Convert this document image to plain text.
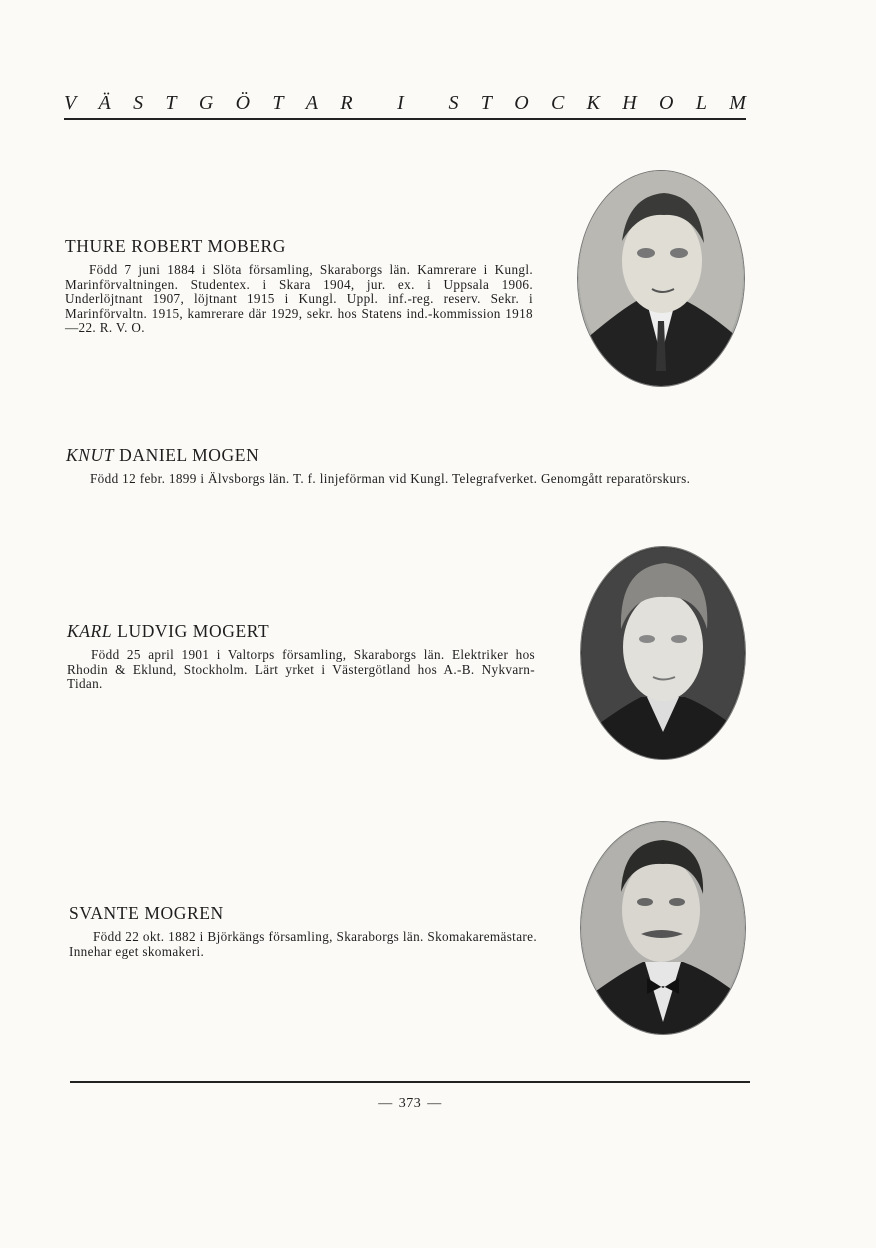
V Ä S T G Ö T A R I S T O C K H O L M

THURE ROBERT MOBERG

Född 7 juni 1884 i Slöta församling, Skaraborgs län. Kamrerare i Kungl. Marinförvaltningen. Studentex. i Skara 1904, jur. ex. i Uppsala 1906. Underlöjtnant 1907, löjtnant 1915 i Kungl. Uppl. inf.-reg. reserv. Sekr. i Marinförvaltn. 1915, kamrerare där 1929, sekr. hos Statens ind.-kommission 1918—22. R. V. O.

KNUT DANIEL MOGEN

Född 12 febr. 1899 i Älvsborgs län. T. f. linjeförman vid Kungl. Telegrafverket. Genomgått reparatörskurs.

KARL LUDVIG MOGERT

Född 25 april 1901 i Valtorps församling, Skaraborgs län. Elektriker hos Rhodin & Eklund, Stockholm. Lärt yrket i Västergötland hos A.-B. Nykvarn-Tidan.

SVANTE MOGREN

Född 22 okt. 1882 i Björkängs församling, Skaraborgs län. Skomakaremästare. Innehar eget skomakeri.

— 373 —
